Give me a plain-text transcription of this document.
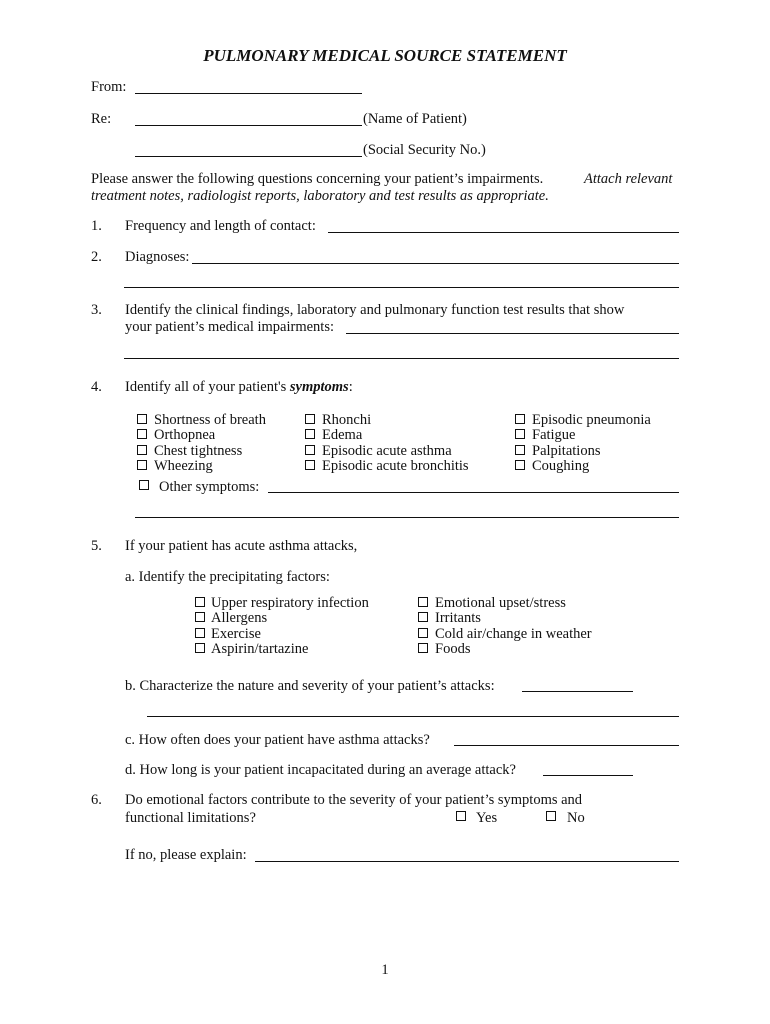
PULMONARY MEDICAL SOURCE STATEMENT
From:
Re:	(Name of Patient)
(Social Security No.)
Please answer the following questions concerning your patient’s impairments.	Attach relevant
treatment notes, radiologist reports, laboratory and test results as appropriate.
1. Frequency and length of contact:
2. Diagnoses:
3. Identify the clinical findings, laboratory and pulmonary function test results that show
your patient’s medical impairments:
4. Identify all of your patient's symptoms:
Shortness of breath
Orthopnea
Chest tightness
Wheezing
Rhonchi
Edema
Episodic acute asthma
Episodic acute bronchitis
Episodic pneumonia
Fatigue
Palpitations
Coughing
Other symptoms:
5. If your patient has acute asthma attacks,
a. Identify the precipitating factors:
Upper respiratory infection
Allergens
Exercise
Aspirin/tartazine
Emotional upset/stress
Irritants
Cold air/change in weather
Foods
b. Characterize the nature and severity of your patient’s attacks:
c. How often does your patient have asthma attacks?
d. How long is your patient incapacitated during an average attack?
6. Do emotional factors contribute to the severity of your patient’s symptoms and
functional limitations?	Yes	No
If no, please explain:
1
